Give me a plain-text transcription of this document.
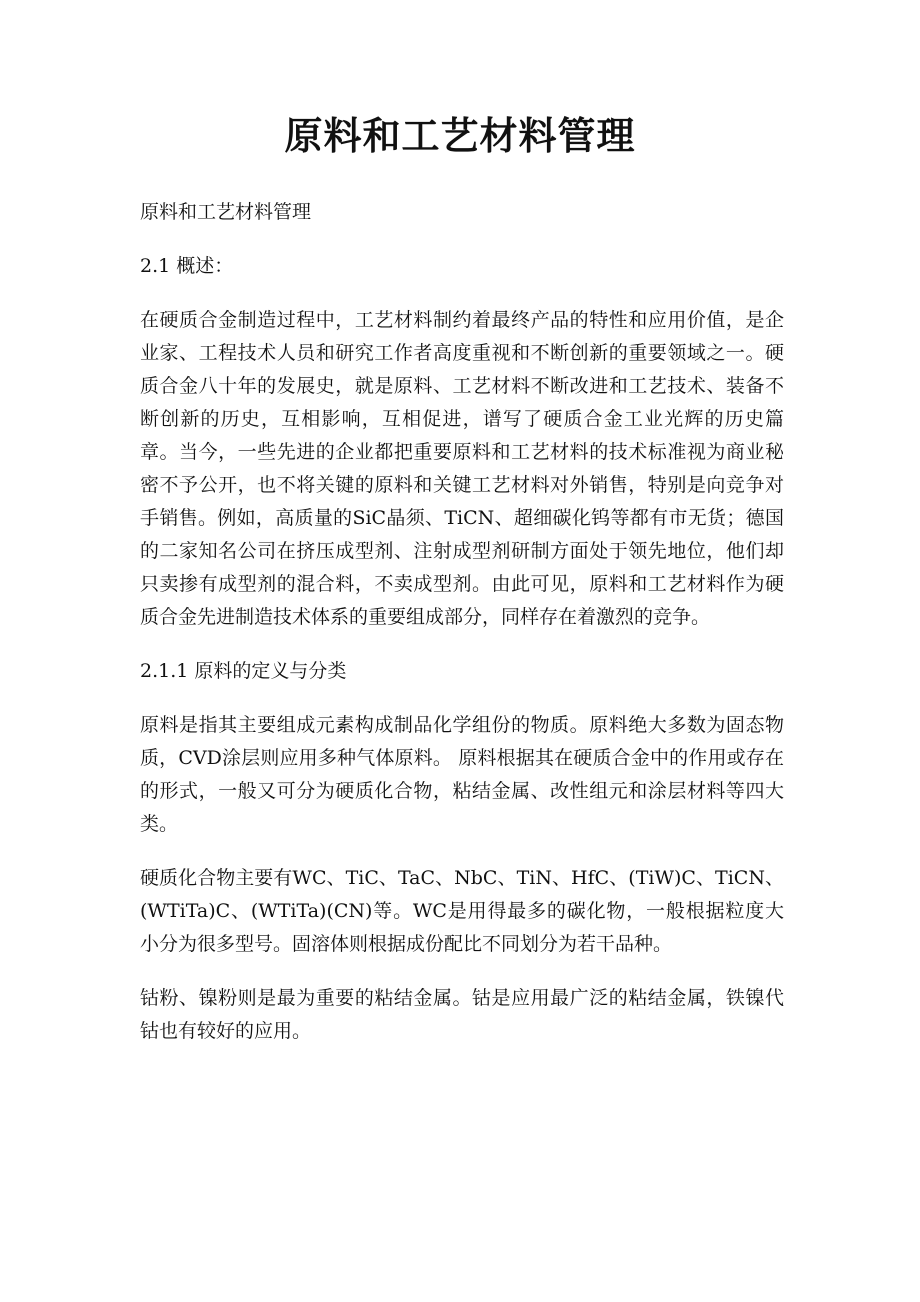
原料和工艺材料管理

原料和工艺材料管理

2.1 概述：

在硬质合金制造过程中，工艺材料制约着最终产品的特性和应用价值，是企业家、工程技术人员和研究工作者高度重视和不断创新的重要领域之一。硬质合金八十年的发展史，就是原料、工艺材料不断改进和工艺技术、装备不断创新的历史，互相影响，互相促进，谱写了硬质合金工业光辉的历史篇章。当今，一些先进的企业都把重要原料和工艺材料的技术标准视为商业秘密不予公开，也不将关键的原料和关键工艺材料对外销售，特别是向竞争对手销售。例如，高质量的SiC晶须、TiCN、超细碳化钨等都有市无货；德国的二家知名公司在挤压成型剂、注射成型剂研制方面处于领先地位，他们却只卖掺有成型剂的混合料，不卖成型剂。由此可见，原料和工艺材料作为硬质合金先进制造技术体系的重要组成部分，同样存在着激烈的竞争。

2.1.1 原料的定义与分类

原料是指其主要组成元素构成制品化学组份的物质。原料绝大多数为固态物质，CVD涂层则应用多种气体原料。 原料根据其在硬质合金中的作用或存在的形式，一般又可分为硬质化合物，粘结金属、改性组元和涂层材料等四大类。

硬质化合物主要有WC、TiC、TaC、NbC、TiN、HfC、(TiW)C、TiCN、(WTiTa)C、(WTiTa)(CN)等。WC是用得最多的碳化物，一般根据粒度大小分为很多型号。固溶体则根据成份配比不同划分为若干品种。

钴粉、镍粉则是最为重要的粘结金属。钴是应用最广泛的粘结金属，铁镍代钴也有较好的应用。
